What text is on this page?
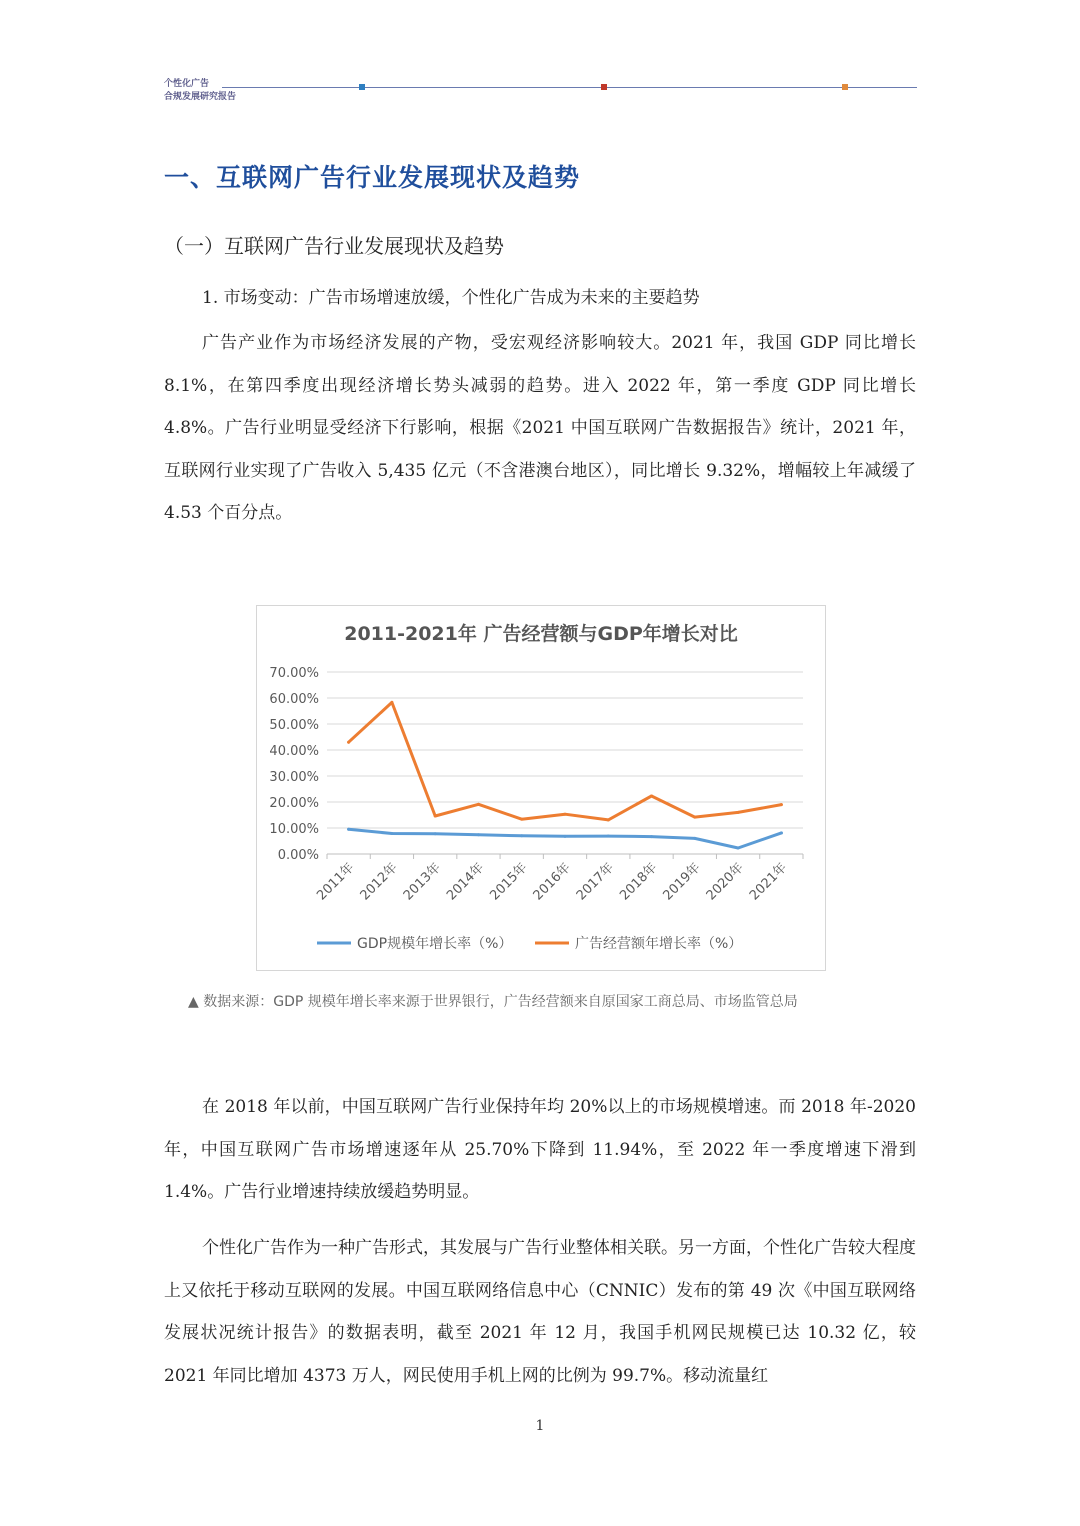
个性化广告
合规发展研究报告
一、互联网广告行业发展现状及趋势
（一）互联网广告行业发展现状及趋势
1. 市场变动：广告市场增速放缓，个性化广告成为未来的主要趋势

广告产业作为市场经济发展的产物，受宏观经济影响较大。2021 年，我国 GDP 同比增长 8.1%，在第四季度出现经济增长势头减弱的趋势。进入 2022 年，第一季度 GDP 同比增长 4.8%。广告行业明显受经济下行影响，根据《2021 中国互联网广告数据报告》统计，2021 年，互联网行业实现了广告收入 5,435 亿元（不含港澳台地区），同比增长 9.32%，增幅较上年减缓了 4.53 个百分点。

2011-2021年 广告经营额与GDP年增长对比
0.00%
10.00%
20.00%
30.00%
40.00%
50.00%
60.00%
70.00%
2011年 2012年 2013年 2014年 2015年 2016年 2017年 2018年 2019年 2020年 2021年
GDP规模年增长率（%）	广告经营额年增长率（%）
▲ 数据来源：GDP 规模年增长率来源于世界银行，广告经营额来自原国家工商总局、市场监管总局

在 2018 年以前，中国互联网广告行业保持年均 20%以上的市场规模增速。而 2018 年-2020 年，中国互联网广告市场增速逐年从 25.70%下降到 11.94%，至 2022 年一季度增速下滑到 1.4%。广告行业增速持续放缓趋势明显。

个性化广告作为一种广告形式，其发展与广告行业整体相关联。另一方面，个性化广告较大程度上又依托于移动互联网的发展。中国互联网络信息中心（CNNIC）发布的第 49 次《中国互联网络发展状况统计报告》的数据表明，截至 2021 年 12 月，我国手机网民规模已达 10.32 亿，较 2021 年同比增加 4373 万人，网民使用手机上网的比例为 99.7%。移动流量红

1
